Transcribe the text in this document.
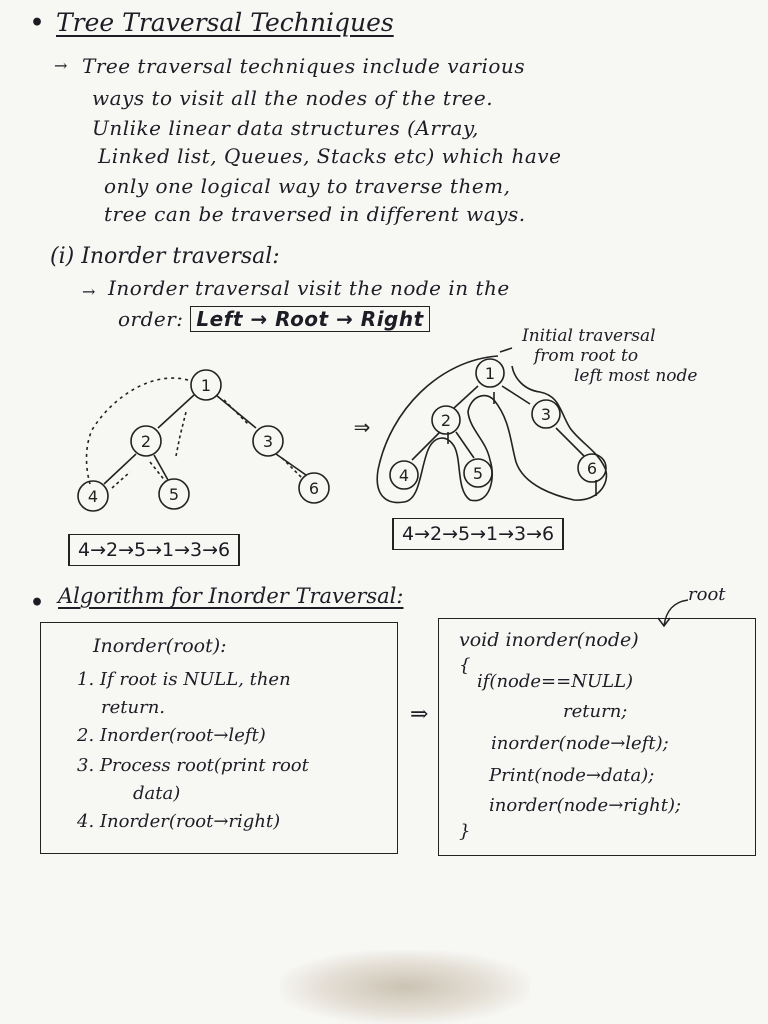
• Tree Traversal Techniques
→ Tree traversal techniques include various
ways to visit all the nodes of the tree.
Unlike linear data structures (Array,
Linked list, Queues, Stacks etc) which have
only one logical way to traverse them,
tree can be traversed in different ways.
(i) Inorder traversal:
→ Inorder traversal visit the node in the
order: Left → Root → Right
Initial traversal
from root to
left most node
1
2	3
4	5	6
1
2	3
4	5	6
⇒
4→2→5→1→3→6
4→2→5→1→3→6
• Algorithm for Inorder Traversal:	root
Inorder(root):
1. If root is NULL, then
return.
2. Inorder(root→left)
3. Process root(print root
data)
4. Inorder(root→right)
⇒
void inorder(node)
{
if(node==NULL)
return;
inorder(node→left);
Print(node→data);
inorder(node→right);
}
